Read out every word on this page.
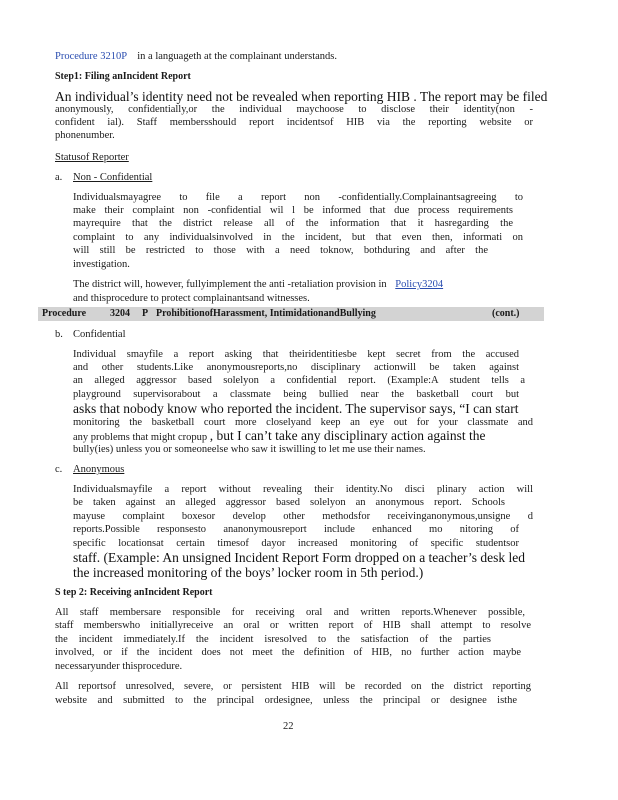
Procedure 3210P in a languageth at the complainant understands.
Step1: Filing anIncident Report
An individual’s identity need not be revealed when reporting HIB . The report may be filed
anonymously, confidentially,or the individual maychoose to disclose their identity(non -
confident ial). Staff membersshould report incidentsof HIB via the reporting website or
phonenumber.
Statusof Reporter
a. Non - Confidential
Individualsmayagree to file a report non -confidentially.Complainantsagreeing to
make their complaint non -confidential wil l be informed that due process requirements
mayrequire that the district release all of the information that it hasregarding the
complaint to any individualsinvolved in the incident, but that even then, informati on
will still be restricted to those with a need toknow, bothduring and after the
investigation.
The district will, however, fullyimplement the anti -retaliation provision in Policy3204
and thisprocedure to protect complainantsand witnesses.
Procedure 3204 P ProhibitionofHarassment, IntimidationandBullying	(cont.)
b. Confidential
Individual smayfile a report asking that theiridentitiesbe kept secret from the accused
and other students.Like anonymousreports,no disciplinary actionwill be taken against
an alleged aggressor based solelyon a confidential report. (Example:A student tells a
playground supervisorabout a classmate being bullied near the basketball court but
asks that nobody know who reported the incident. The supervisor says, “I can start
monitoring the basketball court more closelyand keep an eye out for your classmate and
any problems that might cropup , but I can’t take any disciplinary action against the
bully(ies) unless you or someoneelse who saw it iswilling to let me use their names.
c. Anonymous
Individualsmayfile a report without revealing their identity.No disci plinary action will
be taken against an alleged aggressor based solelyon an anonymous report. Schools
mayuse complaint boxesor develop other methodsfor receivinganonymous,unsigne d
reports.Possible responsesto ananonymousreport include enhanced mo nitoring of
specific locationsat certain timesof dayor increased monitoring of specific studentsor
staff. (Example: An unsigned Incident Report Form dropped on a teacher’s desk led
the increased monitoring of the boys’ locker room in 5th period.)
S tep 2: Receiving anIncident Report
All staff membersare responsible for receiving oral and written reports.Whenever possible,
staff memberswho initiallyreceive an oral or written report of HIB shall attempt to resolve
the incident immediately.If the incident isresolved to the satisfaction of the parties
involved, or if the incident does not meet the definition of HIB, no further action maybe
necessaryunder thisprocedure.
All reportsof unresolved, severe, or persistent HIB will be recorded on the district reporting
website and submitted to the principal ordesignee, unless the principal or designee isthe
22
